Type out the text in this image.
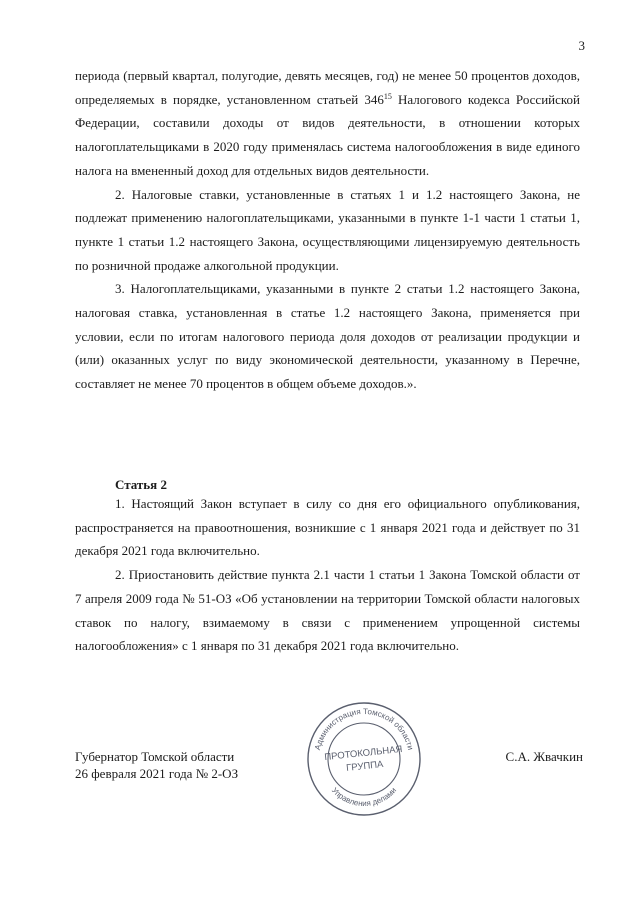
3

периода (первый квартал, полугодие, девять месяцев, год) не менее 50 процентов доходов, определяемых в порядке, установленном статьей $346^{15}$ Налогового кодекса Российской Федерации, составили доходы от видов деятельности, в отношении которых налогоплательщиками в 2020 году применялась система налогообложения в виде единого налога на вмененный доход для отдельных видов деятельности.

2. Налоговые ставки, установленные в статьях 1 и 1.2 настоящего Закона, не подлежат применению налогоплательщиками, указанными в пункте 1-1 части 1 статьи 1, пункте 1 статьи 1.2 настоящего Закона, осуществляющими лицензируемую деятельность по розничной продаже алкогольной продукции.

3. Налогоплательщиками, указанными в пункте 2 статьи 1.2 настоящего Закона, налоговая ставка, установленная в статье 1.2 настоящего Закона, применяется при условии, если по итогам налогового периода доля доходов от реализации продукции и (или) оказанных услуг по виду экономической деятельности, указанному в Перечне, составляет не менее 70 процентов в общем объеме доходов.».

Статья 2

1. Настоящий Закон вступает в силу со дня его официального опубликования, распространяется на правоотношения, возникшие с 1 января 2021 года и действует по 31 декабря 2021 года включительно.

2. Приостановить действие пункта 2.1 части 1 статьи 1 Закона Томской области от 7 апреля 2009 года № 51-ОЗ «Об установлении на территории Томской области налоговых ставок по налогу, взимаемому в связи с применением упрощенной системы налогообложения» с 1 января по 31 декабря 2021 года включительно.

Губернатор Томской области
26 февраля 2021 года № 2-ОЗ
С.А. Жвачкин
Администрация Томской области
Управления делами
ПРОТОКОЛЬНАЯ
ГРУППА
